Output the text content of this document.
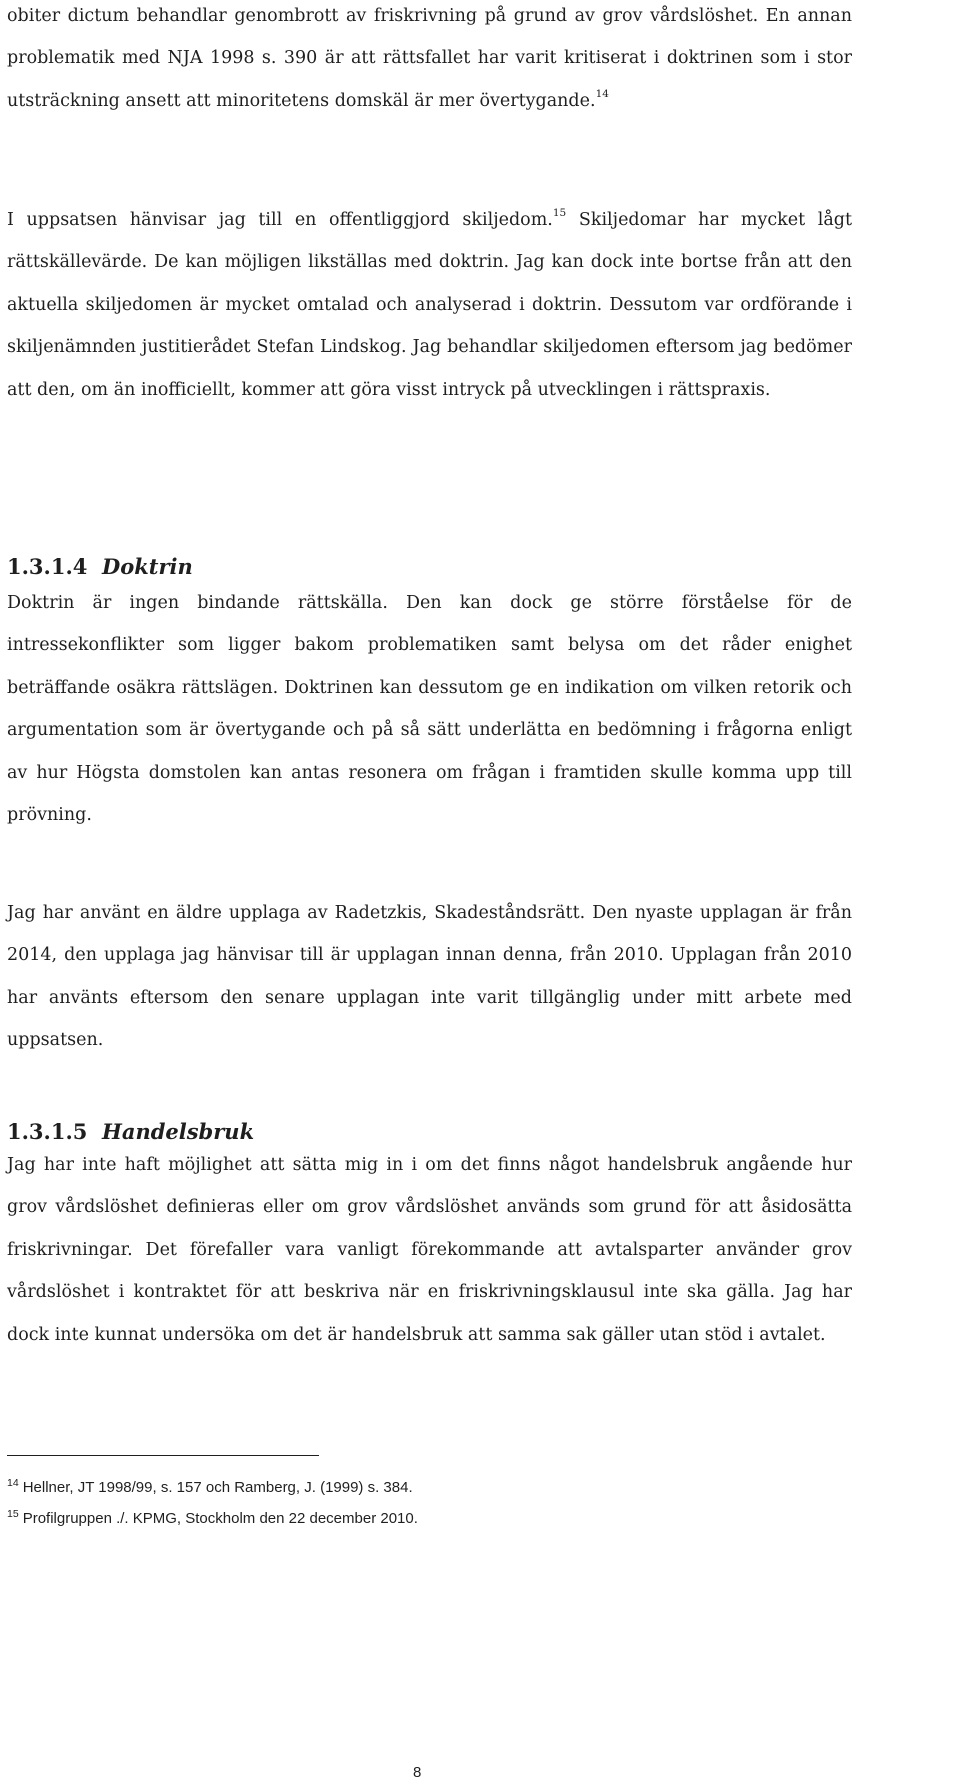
obiter dictum behandlar genombrott av friskrivning på grund av grov vårdslöshet. En annan problematik med NJA 1998 s. 390 är att rättsfallet har varit kritiserat i doktrinen som i stor utsträckning ansett att minoritetens domskäl är mer övertygande.$^{14}$

I uppsatsen hänvisar jag till en offentliggjord skiljedom.$^{15}$ Skiljedomar har mycket lågt rättskällevärde. De kan möjligen likställas med doktrin. Jag kan dock inte bortse från att den aktuella skiljedomen är mycket omtalad och analyserad i doktrin. Dessutom var ordförande i skiljenämnden justitierådet Stefan Lindskog. Jag behandlar skiljedomen eftersom jag bedömer att den, om än inofficiellt, kommer att göra visst intryck på utvecklingen i rättspraxis.

1.3.1.4 Doktrin

Doktrin är ingen bindande rättskälla. Den kan dock ge större förståelse för de intressekonflikter som ligger bakom problematiken samt belysa om det råder enighet beträffande osäkra rättslägen. Doktrinen kan dessutom ge en indikation om vilken retorik och argumentation som är övertygande och på så sätt underlätta en bedömning i frågorna enligt av hur Högsta domstolen kan antas resonera om frågan i framtiden skulle komma upp till prövning.

Jag har använt en äldre upplaga av Radetzkis, Skadeståndsrätt. Den nyaste upplagan är från 2014, den upplaga jag hänvisar till är upplagan innan denna, från 2010. Upplagan från 2010 har använts eftersom den senare upplagan inte varit tillgänglig under mitt arbete med uppsatsen.

1.3.1.5 Handelsbruk

Jag har inte haft möjlighet att sätta mig in i om det finns något handelsbruk angående hur grov vårdslöshet definieras eller om grov vårdslöshet används som grund för att åsidosätta friskrivningar. Det förefaller vara vanligt förekommande att avtalsparter använder grov vårdslöshet i kontraktet för att beskriva när en friskrivningsklausul inte ska gälla. Jag har dock inte kunnat undersöka om det är handelsbruk att samma sak gäller utan stöd i avtalet.

$^{14}$ Hellner, JT 1998/99, s. 157 och Ramberg, J. (1999) s. 384.
$^{15}$ Profilgruppen ./. KPMG, Stockholm den 22 december 2010.
8
